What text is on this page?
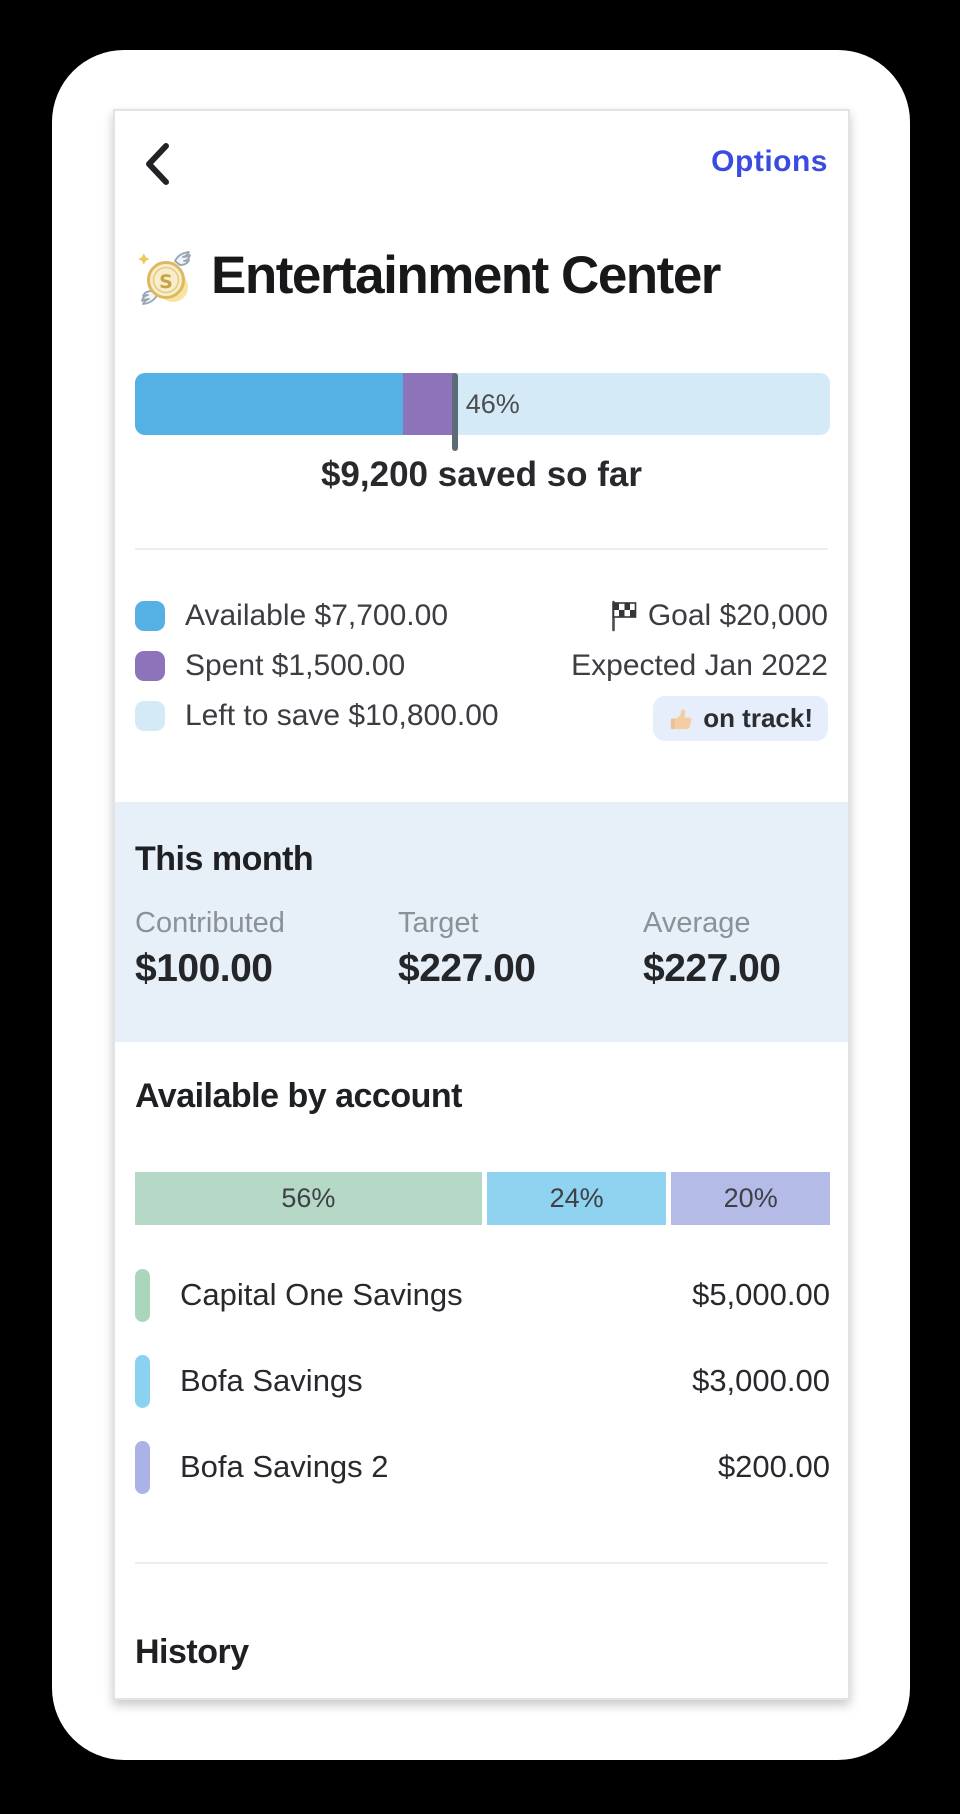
Options
S Entertainment Center
46%
$9,200 saved so far
Available $7,700.00
Spent $1,500.00
Left to save $10,800.00
Goal $20,000
Expected Jan 2022
on track!
This month
Contributed
$100.00
Target
$227.00
Average
$227.00
Available by account
56%	24%	20%
Capital One Savings	$5,000.00
Bofa Savings	$3,000.00
Bofa Savings 2	$200.00
History
